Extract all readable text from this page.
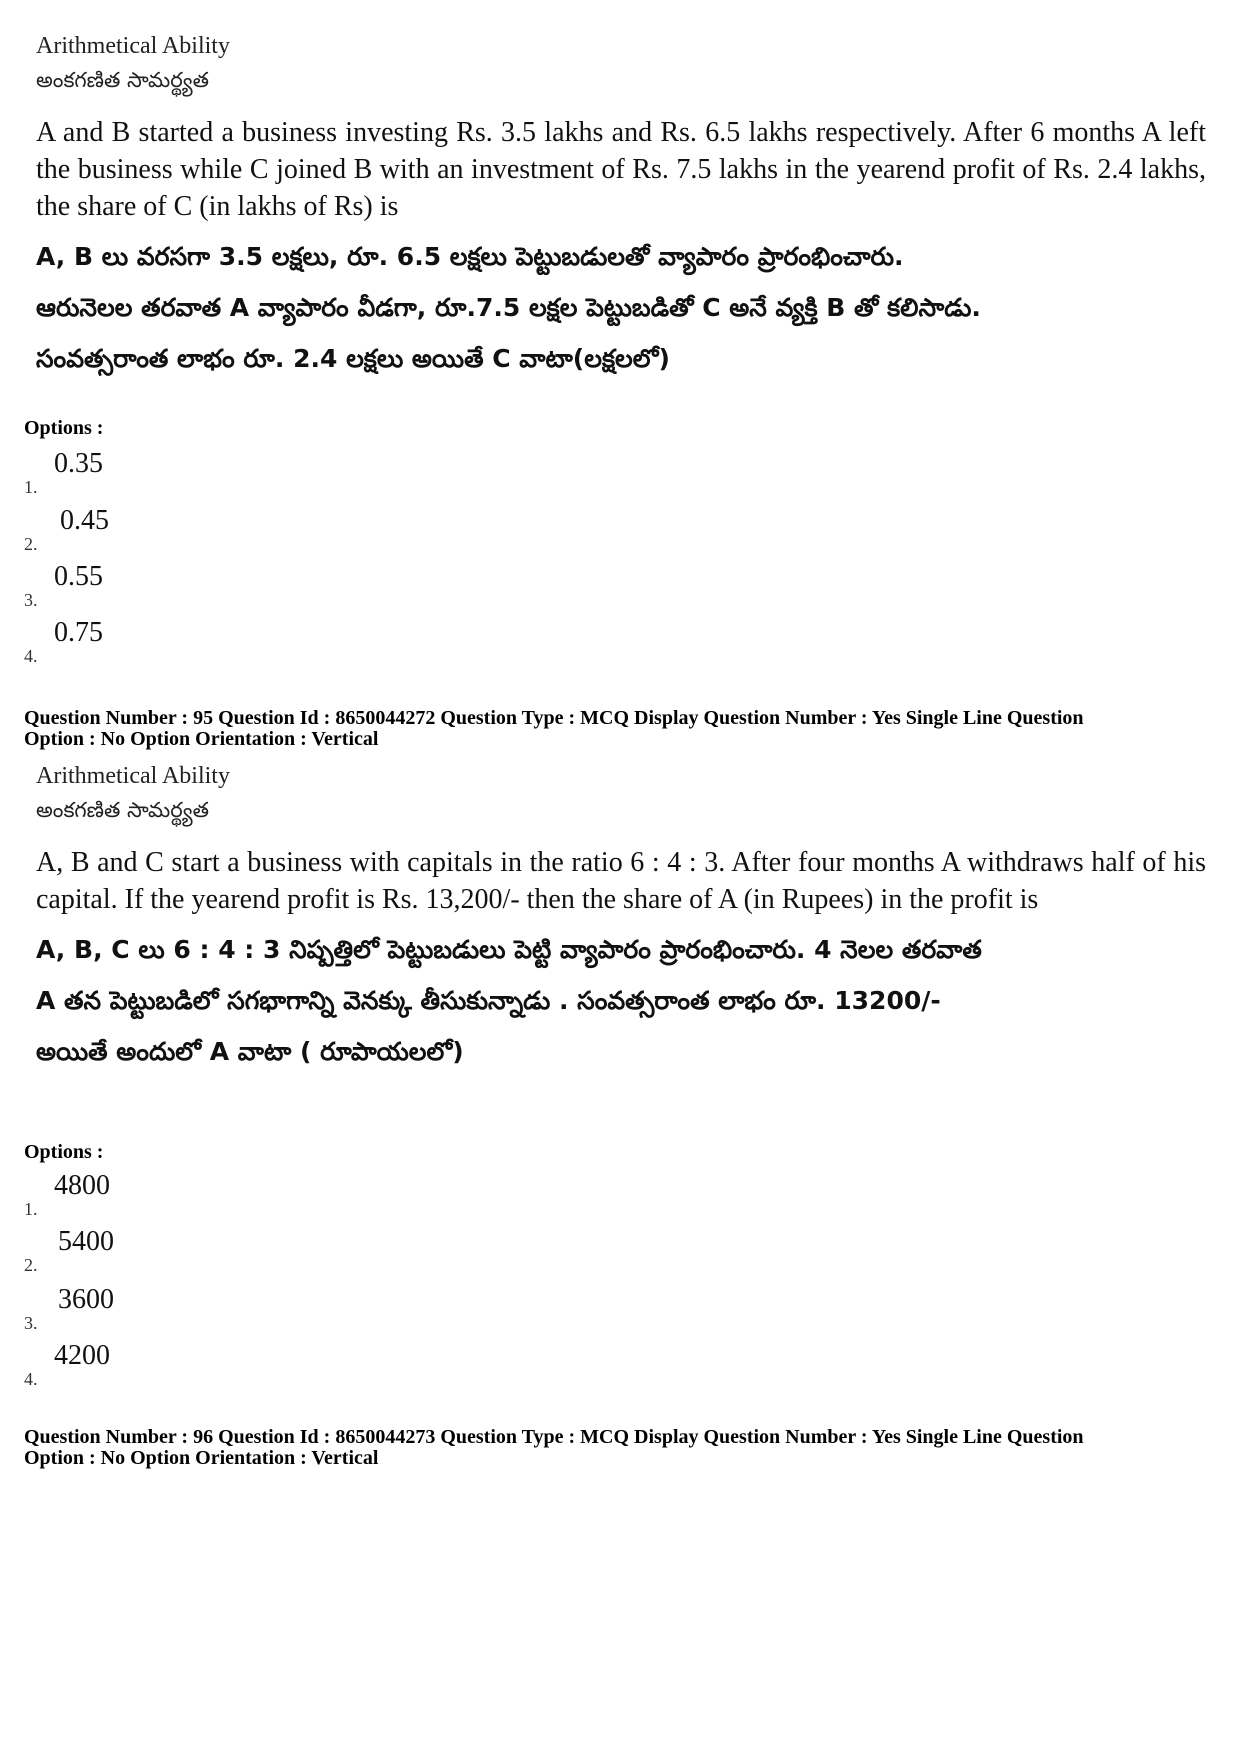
Arithmetical Ability
అంకగణిత సామర్థ్యత
A and B started a business investing Rs. 3.5 lakhs and Rs. 6.5 lakhs respectively. After 6 months A left the business while C joined B with an investment of Rs. 7.5 lakhs in the yearend profit of Rs. 2.4 lakhs, the share of C (in lakhs of Rs) is
A, B లు వరసగా 3.5 లక్షలు, రూ. 6.5 లక్షలు పెట్టుబడులతో వ్యాపారం ప్రారంభించారు.
ఆరునెలల తరవాత A వ్యాపారం వీడగా, రూ.7.5 లక్షల పెట్టుబడితో C అనే వ్యక్తి B తో కలిసాడు.
సంవత్సరాంత లాభం రూ. 2.4 లక్షలు అయితే C వాటా(లక్షలలో)
Options :
1.
0.35
2.
0.45
3.
0.55
4.
0.75
Question Number : 95 Question Id : 8650044272 Question Type : MCQ Display Question Number : Yes Single Line Question
Option : No Option Orientation : Vertical
Arithmetical Ability
అంకగణిత సామర్థ్యత
A, B and C start a business with capitals in the ratio 6 : 4 : 3. After four months A withdraws half of his capital. If the yearend profit is Rs. 13,200/- then the share of A (in Rupees) in the profit is
A, B, C లు 6 : 4 : 3 నిష్పత్తిలో పెట్టుబడులు పెట్టి వ్యాపారం ప్రారంభించారు. 4 నెలల తరవాత
A తన పెట్టుబడిలో సగభాగాన్ని వెనక్కు తీసుకున్నాడు . సంవత్సరాంత లాభం రూ. 13200/-
అయితే అందులో A వాటా ( రూపాయలలో)
Options :
1.
4800
2.
5400
3.
3600
4.
4200
Question Number : 96 Question Id : 8650044273 Question Type : MCQ Display Question Number : Yes Single Line Question
Option : No Option Orientation : Vertical
